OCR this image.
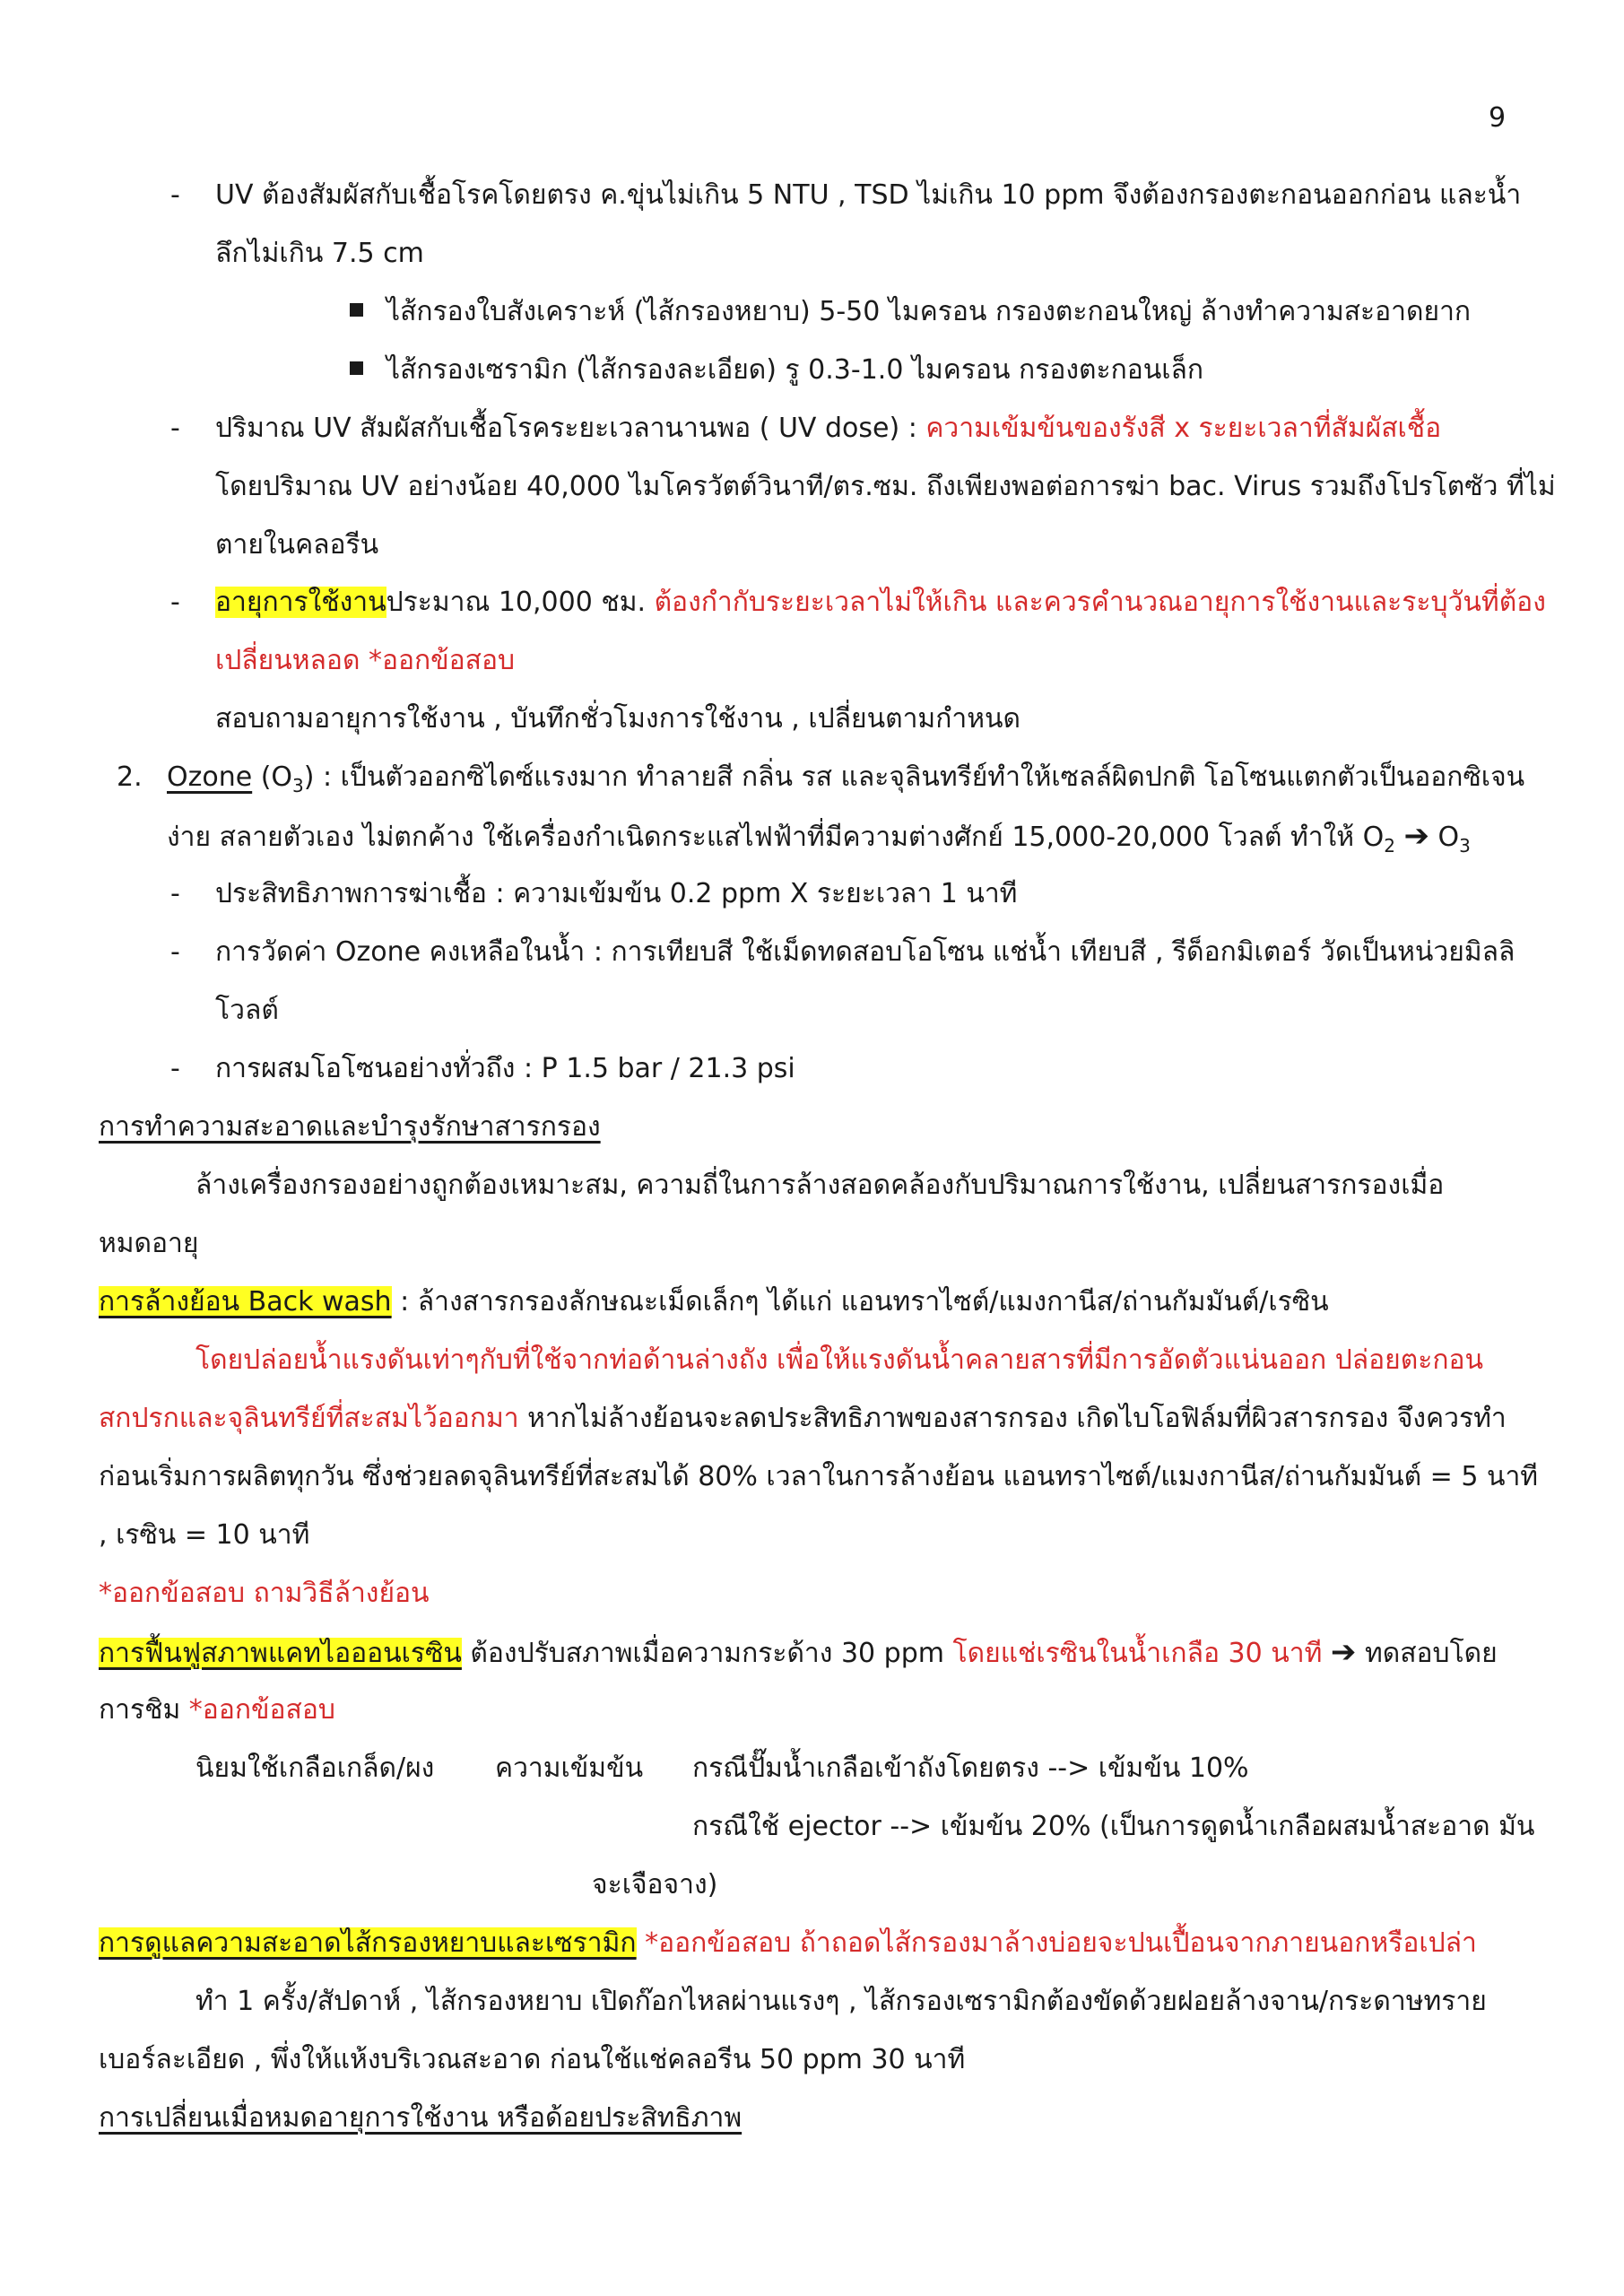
9
- UV ต้องสัมผัสกับเชื้อโรคโดยตรง ค.ขุ่นไม่เกิน 5 NTU , TSD ไม่เกิน 10 ppm จึงต้องกรองตะกอนออกก่อน และน้ำ
ลึกไม่เกิน 7.5 cm
ไส้กรองใบสังเคราะห์ (ไส้กรองหยาบ) 5-50 ไมครอน กรองตะกอนใหญ่ ล้างทำความสะอาดยาก
ไส้กรองเซรามิก (ไส้กรองละเอียด) รู 0.3-1.0 ไมครอน กรองตะกอนเล็ก
- ปริมาณ UV สัมผัสกับเชื้อโรคระยะเวลานานพอ ( UV dose) : ความเข้มข้นของรังสี x ระยะเวลาที่สัมผัสเชื้อ
โดยปริมาณ UV อย่างน้อย 40,000 ไมโครวัตต์วินาที/ตร.ซม. ถึงเพียงพอต่อการฆ่า bac. Virus รวมถึงโปรโตซัว ที่ไม่
ตายในคลอรีน
- อายุการใช้งานประมาณ 10,000 ชม. ต้องกำกับระยะเวลาไม่ให้เกิน และควรคำนวณอายุการใช้งานและระบุวันที่ต้อง
เปลี่ยนหลอด *ออกข้อสอบ
สอบถามอายุการใช้งาน , บันทึกชั่วโมงการใช้งาน , เปลี่ยนตามกำหนด
2. Ozone $(O_3)$ : เป็นตัวออกซิไดซ์แรงมาก ทำลายสี กลิ่น รส และจุลินทรีย์ทำให้เซลล์ผิดปกติ โอโซนแตกตัวเป็นออกซิเจน
ง่าย สลายตัวเอง ไม่ตกค้าง ใช้เครื่องกำเนิดกระแสไฟฟ้าที่มีความต่างศักย์ 15,000-20,000 โวลต์ ทำให้ $O_2$ ➔ $O_3$
- ประสิทธิภาพการฆ่าเชื้อ : ความเข้มข้น 0.2 ppm X ระยะเวลา 1 นาที
- การวัดค่า Ozone คงเหลือในน้ำ : การเทียบสี ใช้เม็ดทดสอบโอโซน แช่น้ำ เทียบสี , รีด็อกมิเตอร์ วัดเป็นหน่วยมิลลิ
โวลต์
- การผสมโอโซนอย่างทั่วถึง : P 1.5 bar / 21.3 psi
การทำความสะอาดและบำรุงรักษาสารกรอง
ล้างเครื่องกรองอย่างถูกต้องเหมาะสม, ความถี่ในการล้างสอดคล้องกับปริมาณการใช้งาน, เปลี่ยนสารกรองเมื่อ
หมดอายุ
การล้างย้อน Back wash : ล้างสารกรองลักษณะเม็ดเล็กๆ ได้แก่ แอนทราไซต์/แมงกานีส/ถ่านกัมมันต์/เรซิน
โดยปล่อยน้ำแรงดันเท่าๆกับที่ใช้จากท่อด้านล่างถัง เพื่อให้แรงดันน้ำคลายสารที่มีการอัดตัวแน่นออก ปล่อยตะกอน
สกปรกและจุลินทรีย์ที่สะสมไว้ออกมา หากไม่ล้างย้อนจะลดประสิทธิภาพของสารกรอง เกิดไบโอฟิล์มที่ผิวสารกรอง จึงควรทำ
ก่อนเริ่มการผลิตทุกวัน ซึ่งช่วยลดจุลินทรีย์ที่สะสมได้ 80% เวลาในการล้างย้อน แอนทราไซต์/แมงกานีส/ถ่านกัมมันต์ = 5 นาที
, เรซิน = 10 นาที
*ออกข้อสอบ ถามวิธีล้างย้อน
การฟื้นฟูสภาพแคทไอออนเรซิน ต้องปรับสภาพเมื่อความกระด้าง 30 ppm โดยแช่เรซินในน้ำเกลือ 30 นาที ➔ ทดสอบโดย
การชิม *ออกข้อสอบ
นิยมใช้เกลือเกล็ด/ผง ความเข้มข้น กรณีปั๊มน้ำเกลือเข้าถังโดยตรง --> เข้มข้น 10%
กรณีใช้ ejector --> เข้มข้น 20% (เป็นการดูดน้ำเกลือผสมน้ำสะอาด มัน
จะเจือจาง)
การดูแลความสะอาดไส้กรองหยาบและเซรามิก *ออกข้อสอบ ถ้าถอดไส้กรองมาล้างบ่อยจะปนเปื้อนจากภายนอกหรือเปล่า
ทำ 1 ครั้ง/สัปดาห์ , ไส้กรองหยาบ เปิดก๊อกไหลผ่านแรงๆ , ไส้กรองเซรามิกต้องขัดด้วยฝอยล้างจาน/กระดาษทราย
เบอร์ละเอียด , พึ่งให้แห้งบริเวณสะอาด ก่อนใช้แช่คลอรีน 50 ppm 30 นาที
การเปลี่ยนเมื่อหมดอายุการใช้งาน หรือด้อยประสิทธิภาพ
